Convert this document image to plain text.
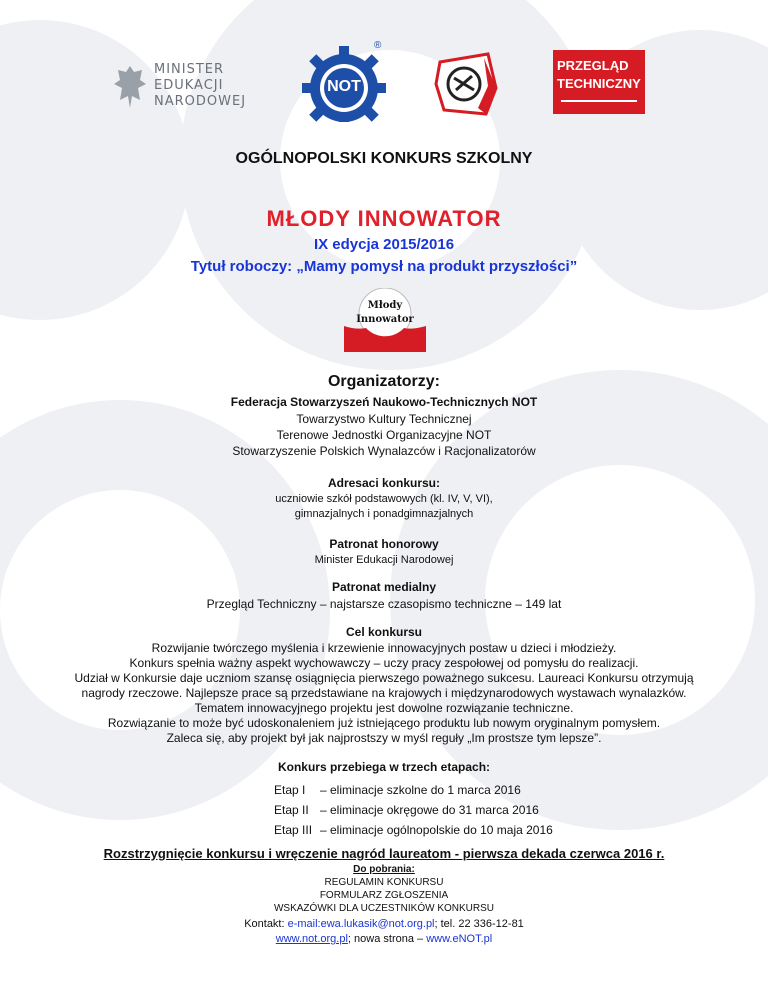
MINISTER
EDUKACJI
NARODOWEJ
NOT
®
PRZEGLĄD
TECHNICZNY
OGÓLNOPOLSKI KONKURS SZKOLNY
MŁODY INNOWATOR
IX edycja 2015/2016
Tytuł roboczy: „Mamy pomysł na produkt przyszłości”
Młody
Innowator
Organizatorzy:
Federacja Stowarzyszeń Naukowo-Technicznych NOT
Towarzystwo Kultury Technicznej
Terenowe Jednostki Organizacyjne NOT
Stowarzyszenie Polskich Wynalazców i Racjonalizatorów
Adresaci konkursu:
uczniowie szkół podstawowych (kl. IV, V, VI),
gimnazjalnych i ponadgimnazjalnych
Patronat honorowy
Minister Edukacji Narodowej
Patronat medialny
Przegląd Techniczny – najstarsze czasopismo techniczne – 149 lat
Cel konkursu
Rozwijanie twórczego myślenia i krzewienie innowacyjnych postaw u dzieci i młodzieży.
Konkurs spełnia ważny aspekt wychowawczy – uczy pracy zespołowej od pomysłu do realizacji.
Udział w Konkursie daje uczniom szansę osiągnięcia pierwszego poważnego sukcesu. Laureaci Konkursu otrzymują
nagrody rzeczowe. Najlepsze prace są przedstawiane na krajowych i międzynarodowych wystawach wynalazków.
Tematem innowacyjnego projektu jest dowolne rozwiązanie techniczne.
Rozwiązanie to może być udoskonaleniem już istniejącego produktu lub nowym oryginalnym pomysłem.
Zaleca się, aby projekt był jak najprostszy w myśl reguły „Im prostsze tym lepsze”.
Konkurs przebiega w trzech etapach:
Etap I – eliminacje szkolne do 1 marca 2016
Etap II – eliminacje okręgowe do 31 marca 2016
Etap III – eliminacje ogólnopolskie do 10 maja 2016
Rozstrzygnięcie konkursu i wręczenie nagród laureatom - pierwsza dekada czerwca 2016 r.
Do pobrania:
REGULAMIN KONKURSU
FORMULARZ ZGŁOSZENIA
WSKAZÓWKI DLA UCZESTNIKÓW KONKURSU
Kontakt: e-mail:ewa.lukasik@not.org.pl; tel. 22 336-12-81
www.not.org.pl; nowa strona – www.eNOT.pl
